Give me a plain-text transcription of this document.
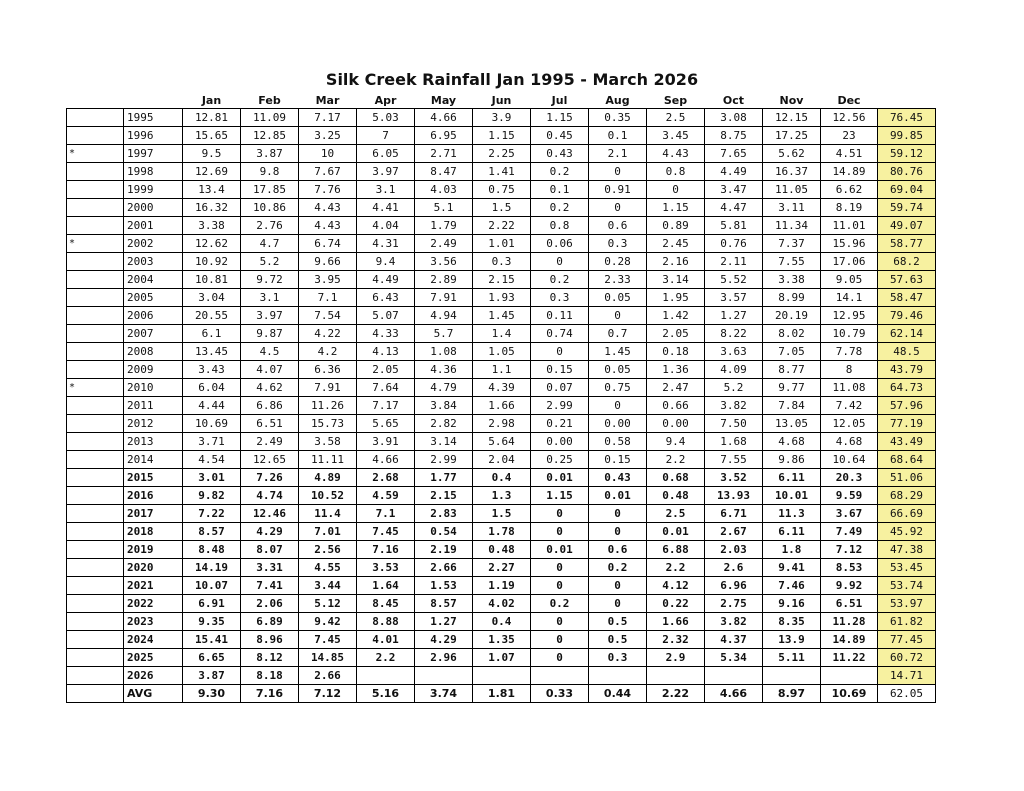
Silk Creek Rainfall Jan 1995 - March 2026
		Jan	Feb	Mar	Apr	May	Jun	Jul	Aug	Sep	Oct	Nov	Dec	
	1995	12.81	11.09	7.17	5.03	4.66	3.9	1.15	0.35	2.5	3.08	12.15	12.56	76.45
	1996	15.65	12.85	3.25	7	6.95	1.15	0.45	0.1	3.45	8.75	17.25	23	99.85
*	1997	9.5	3.87	10	6.05	2.71	2.25	0.43	2.1	4.43	7.65	5.62	4.51	59.12
	1998	12.69	9.8	7.67	3.97	8.47	1.41	0.2	0	0.8	4.49	16.37	14.89	80.76
	1999	13.4	17.85	7.76	3.1	4.03	0.75	0.1	0.91	0	3.47	11.05	6.62	69.04
	2000	16.32	10.86	4.43	4.41	5.1	1.5	0.2	0	1.15	4.47	3.11	8.19	59.74
	2001	3.38	2.76	4.43	4.04	1.79	2.22	0.8	0.6	0.89	5.81	11.34	11.01	49.07
*	2002	12.62	4.7	6.74	4.31	2.49	1.01	0.06	0.3	2.45	0.76	7.37	15.96	58.77
	2003	10.92	5.2	9.66	9.4	3.56	0.3	0	0.28	2.16	2.11	7.55	17.06	68.2
	2004	10.81	9.72	3.95	4.49	2.89	2.15	0.2	2.33	3.14	5.52	3.38	9.05	57.63
	2005	3.04	3.1	7.1	6.43	7.91	1.93	0.3	0.05	1.95	3.57	8.99	14.1	58.47
	2006	20.55	3.97	7.54	5.07	4.94	1.45	0.11	0	1.42	1.27	20.19	12.95	79.46
	2007	6.1	9.87	4.22	4.33	5.7	1.4	0.74	0.7	2.05	8.22	8.02	10.79	62.14
	2008	13.45	4.5	4.2	4.13	1.08	1.05	0	1.45	0.18	3.63	7.05	7.78	48.5
	2009	3.43	4.07	6.36	2.05	4.36	1.1	0.15	0.05	1.36	4.09	8.77	8	43.79
*	2010	6.04	4.62	7.91	7.64	4.79	4.39	0.07	0.75	2.47	5.2	9.77	11.08	64.73
	2011	4.44	6.86	11.26	7.17	3.84	1.66	2.99	0	0.66	3.82	7.84	7.42	57.96
	2012	10.69	6.51	15.73	5.65	2.82	2.98	0.21	0.00	0.00	7.50	13.05	12.05	77.19
	2013	3.71	2.49	3.58	3.91	3.14	5.64	0.00	0.58	9.4	1.68	4.68	4.68	43.49
	2014	4.54	12.65	11.11	4.66	2.99	2.04	0.25	0.15	2.2	7.55	9.86	10.64	68.64
	2015	3.01	7.26	4.89	2.68	1.77	0.4	0.01	0.43	0.68	3.52	6.11	20.3	51.06
	2016	9.82	4.74	10.52	4.59	2.15	1.3	1.15	0.01	0.48	13.93	10.01	9.59	68.29
	2017	7.22	12.46	11.4	7.1	2.83	1.5	0	0	2.5	6.71	11.3	3.67	66.69
	2018	8.57	4.29	7.01	7.45	0.54	1.78	0	0	0.01	2.67	6.11	7.49	45.92
	2019	8.48	8.07	2.56	7.16	2.19	0.48	0.01	0.6	6.88	2.03	1.8	7.12	47.38
	2020	14.19	3.31	4.55	3.53	2.66	2.27	0	0.2	2.2	2.6	9.41	8.53	53.45
	2021	10.07	7.41	3.44	1.64	1.53	1.19	0	0	4.12	6.96	7.46	9.92	53.74
	2022	6.91	2.06	5.12	8.45	8.57	4.02	0.2	0	0.22	2.75	9.16	6.51	53.97
	2023	9.35	6.89	9.42	8.88	1.27	0.4	0	0.5	1.66	3.82	8.35	11.28	61.82
	2024	15.41	8.96	7.45	4.01	4.29	1.35	0	0.5	2.32	4.37	13.9	14.89	77.45
	2025	6.65	8.12	14.85	2.2	2.96	1.07	0	0.3	2.9	5.34	5.11	11.22	60.72
	2026	3.87	8.18	2.66										14.71
	AVG	9.30	7.16	7.12	5.16	3.74	1.81	0.33	0.44	2.22	4.66	8.97	10.69	62.05
